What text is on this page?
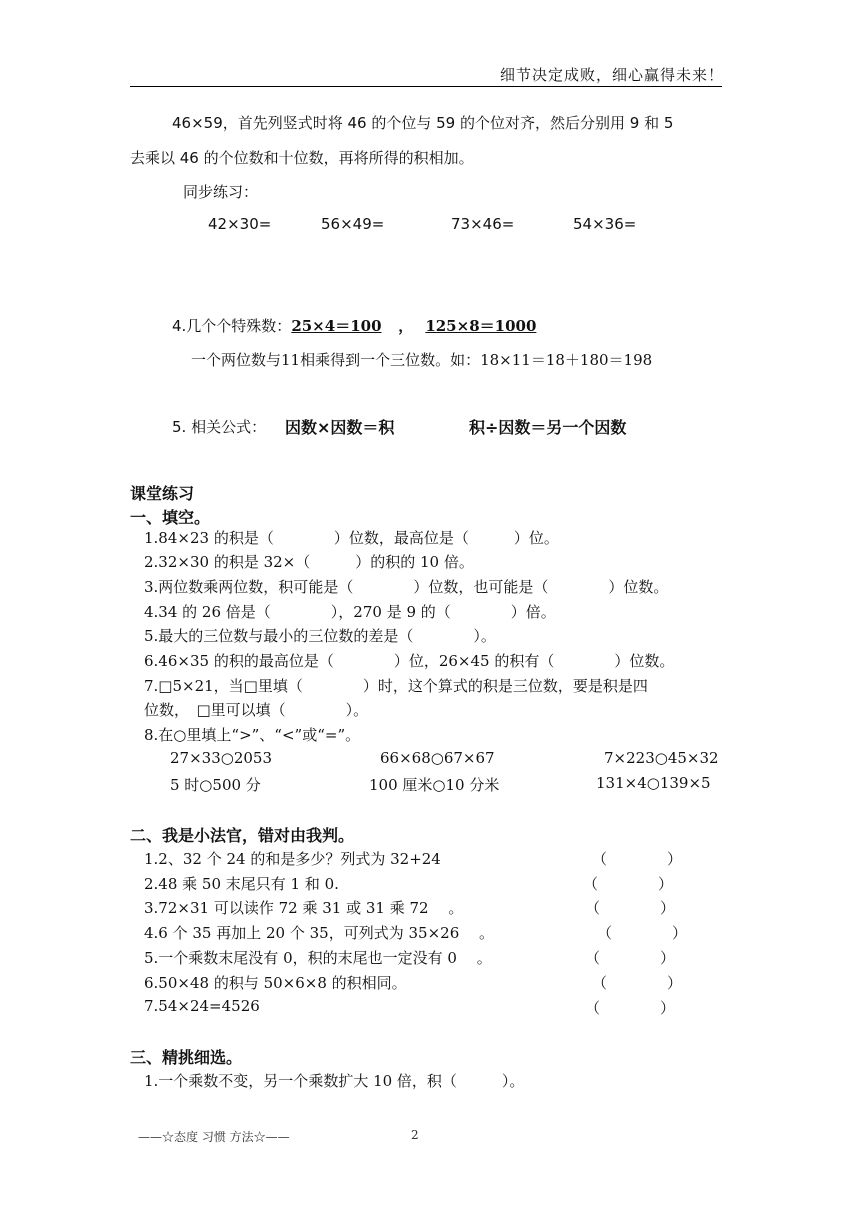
细节决定成败，细心赢得未来！
46×59，首先列竖式时将 46 的个位与 59 的个位对齐，然后分别用 9 和 5
去乘以 46 的个位数和十位数，再将所得的积相加。
同步练习：
42×30=	56×49=	73×46=	54×36=
4.几个个特殊数：25×4＝100 ， 125×8＝1000
一个两位数与11相乘得到一个三位数。如：18×11＝18＋180＝198
5. 相关公式： 因数×因数＝积	积÷因数＝另一个因数
课堂练习
一、填空。
1.84×23 的积是（　　　　）位数，最高位是（　　　）位。
2.32×30 的积是 32×（　　　）的积的 10 倍。
3.两位数乘两位数，积可能是（　　　　）位数，也可能是（　　　　）位数。
4.34 的 26 倍是（　　　　），270 是 9 的（　　　　）倍。
5.最大的三位数与最小的三位数的差是（　　　　）。
6.46×35 的积的最高位是（　　　　）位，26×45 的积有（　　　　）位数。
7.□5×21，当□里填（　　　　）时，这个算式的积是三位数，要是积是四
位数，　□里可以填（　　　　）。
8.在○里填上“>”、“<”或“=”。
27×33○2053	66×68○67×67	7×223○45×32
5 时○500 分	100 厘米○10 分米	131×4○139×5
二、我是小法官，错对由我判。
1.2、32 个 24 的和是多少？列式为 32+24	（　　　　）
2.48 乘 50 末尾只有 1 和 0.	（　　　　）
3.72×31 可以读作 72 乘 31 或 31 乘 72　 。	（　　　　）
4.6 个 35 再加上 20 个 35，可列式为 35×26　 。	（　　　　）
5.一个乘数末尾没有 0，积的末尾也一定没有 0　 。	（　　　　）
6.50×48 的积与 50×6×8 的积相同。	（　　　　）
7.54×24=4526	（　　　　）
三、精挑细选。
1.一个乘数不变，另一个乘数扩大 10 倍，积（　　　）。
——☆态度 习惯 方法☆——	2
